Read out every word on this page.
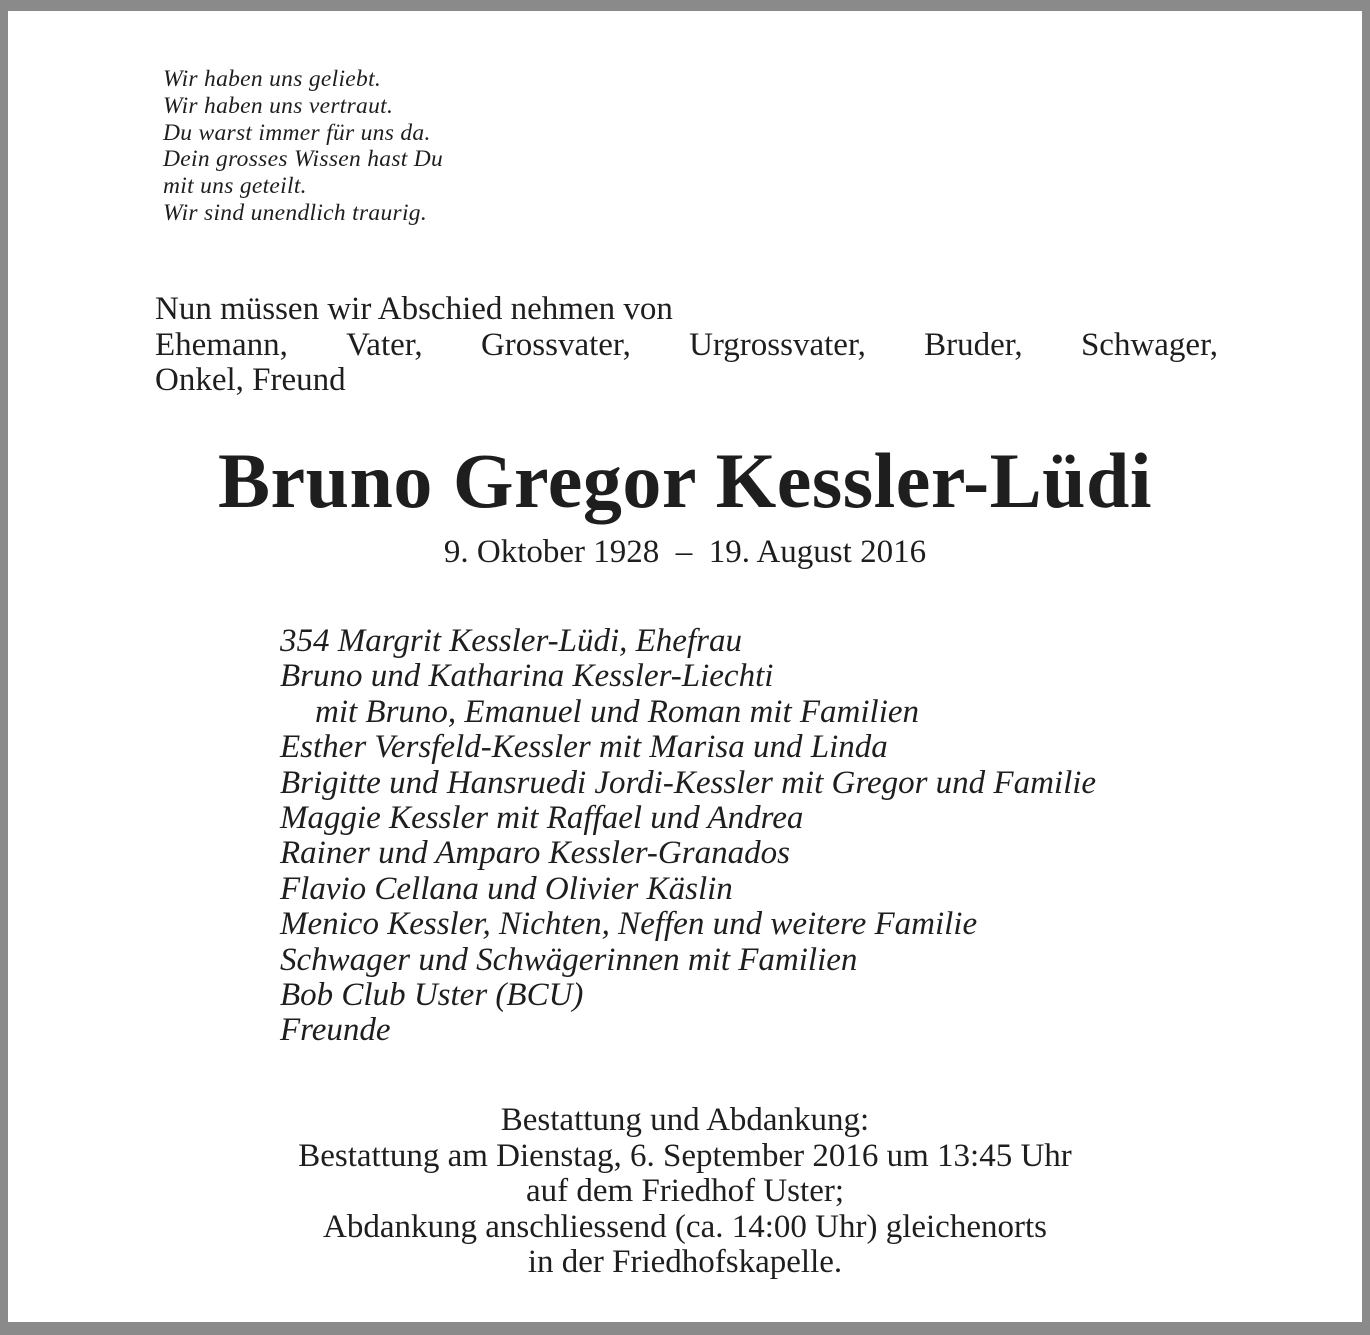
Wir haben uns geliebt.
Wir haben uns vertraut.
Du warst immer für uns da.
Dein grosses Wissen hast Du
mit uns geteilt.
Wir sind unendlich traurig.
Nun müssen wir Abschied nehmen von
Ehemann, Vater, Grossvater, Urgrossvater, Bruder, Schwager,
Onkel, Freund
Bruno Gregor Kessler-Lüdi
9. Oktober 1928  –  19. August 2016
354 Margrit Kessler-Lüdi, Ehefrau
Bruno und Katharina Kessler-Liechti
mit Bruno, Emanuel und Roman mit Familien
Esther Versfeld-Kessler mit Marisa und Linda
Brigitte und Hansruedi Jordi-Kessler mit Gregor und Familie
Maggie Kessler mit Raffael und Andrea
Rainer und Amparo Kessler-Granados
Flavio Cellana und Olivier Käslin
Menico Kessler, Nichten, Neffen und weitere Familie
Schwager und Schwägerinnen mit Familien
Bob Club Uster (BCU)
Freunde
Bestattung und Abdankung:
Bestattung am Dienstag, 6. September 2016 um 13:45 Uhr
auf dem Friedhof Uster;
Abdankung anschliessend (ca. 14:00 Uhr) gleichenorts
in der Friedhofskapelle.
